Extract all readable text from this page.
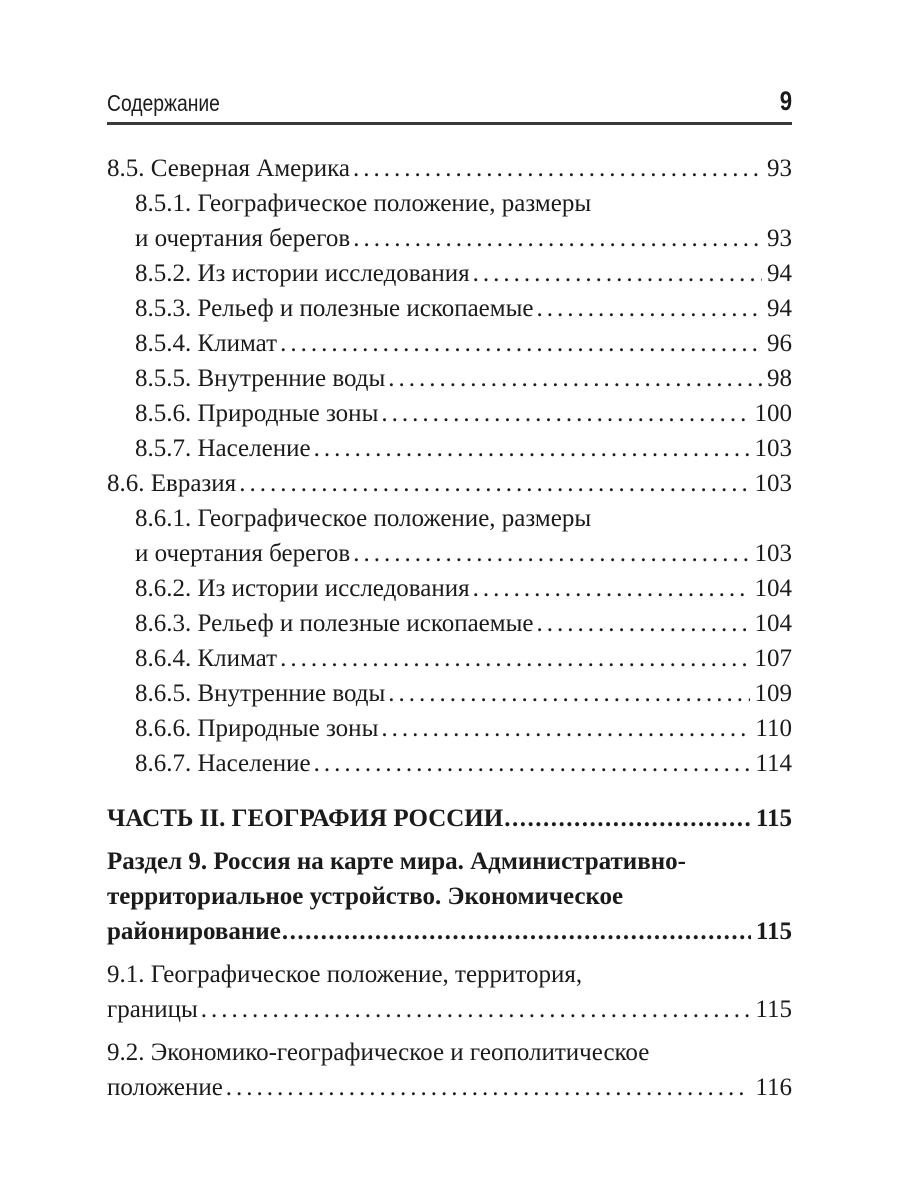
Содержание	9
8.5. Северная Америка .....	93
8.5.1. Географическое положение, размеры
и очертания берегов .....	93
8.5.2. Из истории исследования .....	94
8.5.3. Рельеф и полезные ископаемые .....	94
8.5.4. Климат .....	96
8.5.5. Внутренние воды .....	98
8.5.6. Природные зоны .....	100
8.5.7. Население .....	103
8.6. Евразия .....	103
8.6.1. Географическое положение, размеры
и очертания берегов .....	103
8.6.2. Из истории исследования .....	104
8.6.3. Рельеф и полезные ископаемые .....	104
8.6.4. Климат .....	107
8.6.5. Внутренние воды .....	109
8.6.6. Природные зоны .....	110
8.6.7. Население .....	114
ЧАСТЬ II. ГЕОГРАФИЯ РОССИИ .....	115
Раздел 9. Россия на карте мира. Административно-
территориальное устройство. Экономическое
районирование .....	115
9.1. Географическое положение, территория,
границы .....	115
9.2. Экономико-географическое и геополитическое
положение .....	116
